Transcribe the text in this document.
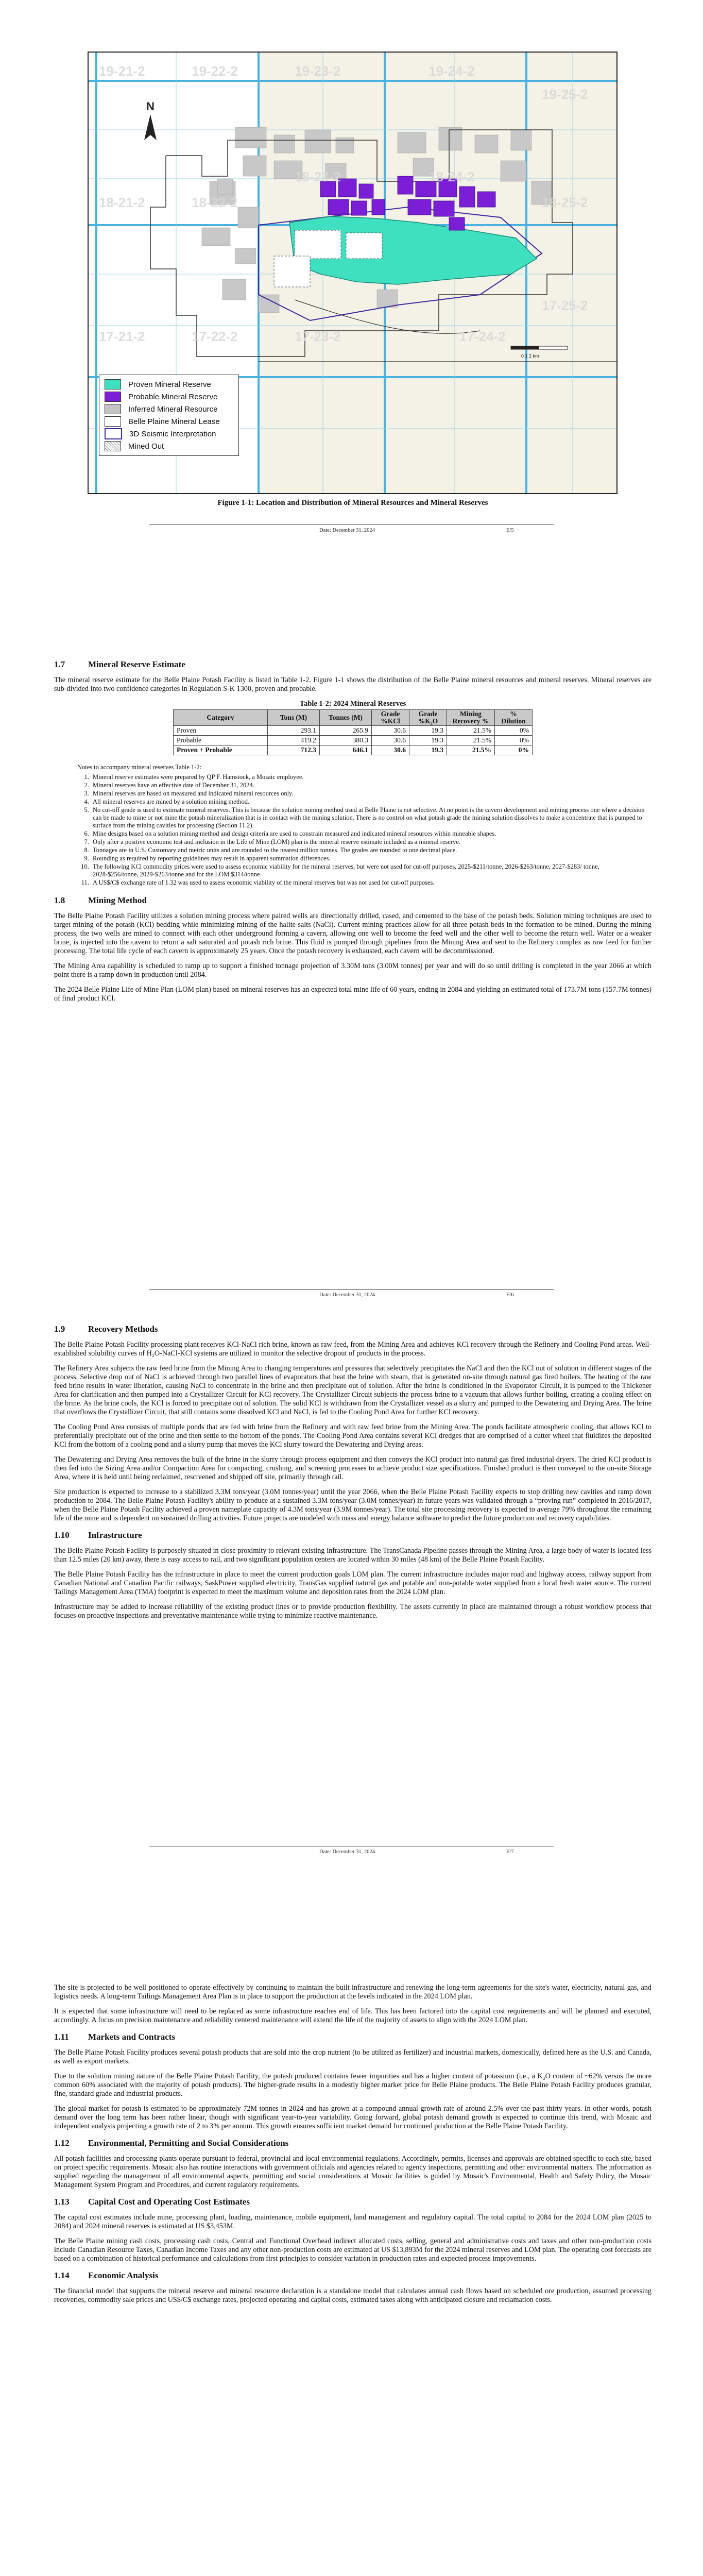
N
19-21-2	19-22-2	19-23-2	19-24-2
19-25-2
18-21-2	18-22-2
18-23-2	18-24-2
18-25-2
17-21-2	17-22-2	17-23-2	17-24-2
17-25-2
0 1 2 km
Proven Mineral Reserve
Probable Mineral Reserve
Inferred Mineral Resource
Belle Plaine Mineral Lease
3D Seismic Interpretation
Mined Out
Figure 1-1: Location and Distribution of Mineral Resources and Mineral Reserves
Date: December 31, 2024	E/5
1.7	Mineral Reserve Estimate

The mineral reserve estimate for the Belle Plaine Potash Facility is listed in Table 1-2. Figure 1-1 shows the distribution of the Belle Plaine mineral resources and mineral reserves. Mineral reserves are sub-divided into two confidence categories in Regulation S-K 1300, proven and probable.

Table 1-2: 2024 Mineral Reserves
Category	Tons (M)	Tonnes (M)	Grade %KCl	Grade %K₂O	Mining Recovery %	% Dilution
Proven	293.1	265.9	30.6	19.3	21.5%	0%
Probable	419.2	380.3	30.6	19.3	21.5%	0%
Proven + Probable	712.3	646.1	30.6	19.3	21.5%	0%
Notes to accompany mineral reserves Table 1-2:
1. Mineral reserve estimates were prepared by QP F. Hamstock, a Mosaic employee.
2. Mineral reserves have an effective date of December 31, 2024.
3. Mineral reserves are based on measured and indicated mineral resources only.
4. All mineral reserves are mined by a solution mining method.
5. No cut-off grade is used to estimate mineral reserves. This is because the solution mining method used at Belle Plaine is not selective. At no point is the cavern development and mining process one where a decision can be made to mine or not mine the potash mineralization that is in contact with the mining solution. There is no control on what potash grade the mining solution dissolves to make a concentrate that is pumped to surface from the mining cavities for processing (Section 11.2).
6. Mine designs based on a solution mining method and design criteria are used to constrain measured and indicated mineral resources within mineable shapes.
7. Only after a positive economic test and inclusion in the Life of Mine (LOM) plan is the mineral reserve estimate included as a mineral reserve.
8. Tonnages are in U.S. Customary and metric units and are rounded to the nearest million tonnes. The grades are rounded to one decimal place.
9. Rounding as required by reporting guidelines may result in apparent summation differences.
10. The following KCl commodity prices were used to assess economic viability for the mineral reserves, but were not used for cut-off purposes, 2025-$211/tonne, 2026-$263/tonne, 2027-$283/ tonne, 2028-$256/tonne, 2029-$263/tonne and for the LOM $314/tonne.
11. A US$/C$ exchange rate of 1.32 was used to assess economic viability of the mineral reserves but was not used for cut-off purposes.
1.8	Mining Method

The Belle Plaine Potash Facility utilizes a solution mining process where paired wells are directionally drilled, cased, and cemented to the base of the potash beds. Solution mining techniques are used to target mining of the potash (KCl) bedding while minimizing mining of the halite salts (NaCl). Current mining practices allow for all three potash beds in the formation to be mined. During the mining process, the two wells are mined to connect with each other underground forming a cavern, allowing one well to become the feed well and the other well to become the return well. Water or a weaker brine, is injected into the cavern to return a salt saturated and potash rich brine. This fluid is pumped through pipelines from the Mining Area and sent to the Refinery complex as raw feed for further processing. The total life cycle of each cavern is approximately 25 years. Once the potash recovery is exhausted, each cavern will be decommissioned.

The Mining Area capability is scheduled to ramp up to support a finished tonnage projection of 3.30M tons (3.00M tonnes) per year and will do so until drilling is completed in the year 2066 at which point there is a ramp down in production until 2084.

The 2024 Belle Plaine Life of Mine Plan (LOM plan) based on mineral reserves has an expected total mine life of 60 years, ending in 2084 and yielding an estimated total of 173.7M tons (157.7M tonnes) of final product KCl.

Date: December 31, 2024	E/6
1.9	Recovery Methods

The Belle Plaine Potash Facility processing plant receives KCl-NaCl rich brine, known as raw feed, from the Mining Area and achieves KCl recovery through the Refinery and Cooling Pond areas. Well-established solubility curves of H₂O-NaCl-KCl systems are utilized to monitor the selective dropout of products in the process.

The Refinery Area subjects the raw feed brine from the Mining Area to changing temperatures and pressures that selectively precipitates the NaCl and then the KCl out of solution in different stages of the process. Selective drop out of NaCl is achieved through two parallel lines of evaporators that heat the brine with steam, that is generated on-site through natural gas fired boilers. The heating of the raw feed brine results in water liberation, causing NaCl to concentrate in the brine and then precipitate out of solution. After the brine is conditioned in the Evaporator Circuit, it is pumped to the Thickener Area for clarification and then pumped into a Crystallizer Circuit for KCl recovery. The Crystallizer Circuit subjects the process brine to a vacuum that allows further boiling, creating a cooling effect on the brine. As the brine cools, the KCl is forced to precipitate out of solution. The solid KCl is withdrawn from the Crystallizer vessel as a slurry and pumped to the Dewatering and Drying Area. The brine that overflows the Crystallizer Circuit, that still contains some dissolved KCl and NaCl, is fed to the Cooling Pond Area for further KCl recovery.

The Cooling Pond Area consists of multiple ponds that are fed with brine from the Refinery and with raw feed brine from the Mining Area. The ponds facilitate atmospheric cooling, that allows KCl to preferentially precipitate out of the brine and then settle to the bottom of the ponds. The Cooling Pond Area contains several KCl dredges that are comprised of a cutter wheel that fluidizes the deposited KCl from the bottom of a cooling pond and a slurry pump that moves the KCl slurry toward the Dewatering and Drying areas.

The Dewatering and Drying Area removes the bulk of the brine in the slurry through process equipment and then conveys the KCl product into natural gas fired industrial dryers. The dried KCl product is then fed into the Sizing Area and/or Compaction Area for compacting, crushing, and screening processes to achieve product size specifications. Finished product is then conveyed to the on-site Storage Area, where it is held until being reclaimed, rescreened and shipped off site, primarily through rail.

Site production is expected to increase to a stabilized 3.3M tons/year (3.0M tonnes/year) until the year 2066, when the Belle Plaine Potash Facility expects to stop drilling new cavities and ramp down production to 2084. The Belle Plaine Potash Facility's ability to produce at a sustained 3.3M tons/year (3.0M tonnes/year) in future years was validated through a “proving run” completed in 2016/2017, when the Belle Plaine Potash Facility achieved a proven nameplate capacity of 4.3M tons/year (3.9M tonnes/year). The total site processing recovery is expected to average 79% throughout the remaining life of the mine and is dependent on sustained drilling activities. Future projects are modeled with mass and energy balance software to predict the future production and recovery capabilities.

1.10 Infrastructure

The Belle Plaine Potash Facility is purposely situated in close proximity to relevant existing infrastructure. The TransCanada Pipeline passes through the Mining Area, a large body of water is located less than 12.5 miles (20 km) away, there is easy access to rail, and two significant population centers are located within 30 miles (48 km) of the Belle Plaine Potash Facility.

The Belle Plaine Potash Facility has the infrastructure in place to meet the current production goals LOM plan. The current infrastructure includes major road and highway access, railway support from Canadian National and Canadian Pacific railways, SaskPower supplied electricity, TransGas supplied natural gas and potable and non-potable water supplied from a local fresh water source. The current Tailings Management Area (TMA) footprint is expected to meet the maximum volume and deposition rates from the 2024 LOM plan.

Infrastructure may be added to increase reliability of the existing product lines or to provide production flexibility. The assets currently in place are maintained through a robust workflow process that focuses on proactive inspections and preventative maintenance while trying to minimize reactive maintenance.

Date: December 31, 2024	E/7

The site is projected to be well positioned to operate effectively by continuing to maintain the built infrastructure and renewing the long-term agreements for the site's water, electricity, natural gas, and logistics needs. A long-term Tailings Management Area Plan is in place to support the production at the levels indicated in the 2024 LOM plan.

It is expected that some infrastructure will need to be replaced as some infrastructure reaches end of life. This has been factored into the capital cost requirements and will be planned and executed, accordingly. A focus on precision maintenance and reliability centered maintenance will extend the life of the majority of assets to align with the 2024 LOM plan.

1.11 Markets and Contracts

The Belle Plaine Potash Facility produces several potash products that are sold into the crop nutrient (to be utilized as fertilizer) and industrial markets, domestically, defined here as the U.S. and Canada, as well as export markets.

Due to the solution mining nature of the Belle Plaine Potash Facility, the potash produced contains fewer impurities and has a higher content of potassium (i.e., a K₂O content of ~62% versus the more common 60% associated with the majority of potash products). The higher-grade results in a modestly higher market price for Belle Plaine products. The Belle Plaine Potash Facility produces granular, fine, standard grade and industrial products.

The global market for potash is estimated to be approximately 72M tonnes in 2024 and has grown at a compound annual growth rate of around 2.5% over the past thirty years. In other words, potash demand over the long term has been rather linear, though with significant year-to-year variability. Going forward, global potash demand growth is expected to continue this trend, with Mosaic and independent analysts projecting a growth rate of 2 to 3% per annum. This growth ensures sufficient market demand for continued production at the Belle Plaine Potash Facility.

1.12 Environmental, Permitting and Social Considerations

All potash facilities and processing plants operate pursuant to federal, provincial and local environmental regulations. Accordingly, permits, licenses and approvals are obtained specific to each site, based on project specific requirements. Mosaic also has routine interactions with government officials and agencies related to agency inspections, permitting and other environmental matters. The information as supplied regarding the management of all environmental aspects, permitting and social considerations at Mosaic facilities is guided by Mosaic's Environmental, Health and Safety Policy, the Mosaic Management System Program and Procedures, and current regulatory requirements.

1.13 Capital Cost and Operating Cost Estimates

The capital cost estimates include mine, processing plant, loading, maintenance, mobile equipment, land management and regulatory capital. The total capital to 2084 for the 2024 LOM plan (2025 to 2084) and 2024 mineral reserves is estimated at US $3,453M.

The Belle Plaine mining cash costs, processing cash costs, Central and Functional Overhead indirect allocated costs, selling, general and administrative costs and taxes and other non-production costs include Canadian Resource Taxes, Canadian Income Taxes and any other non-production costs are estimated at US $13,893M for the 2024 mineral reserves and LOM plan. The operating cost forecasts are based on a combination of historical performance and calculations from first principles to consider variation in production rates and expected process improvements.

1.14 Economic Analysis

The financial model that supports the mineral reserve and mineral resource declaration is a standalone model that calculates annual cash flows based on scheduled ore production, assumed processing recoveries, commodity sale prices and US$/C$ exchange rates, projected operating and capital costs, estimated taxes along with anticipated closure and reclamation costs.
